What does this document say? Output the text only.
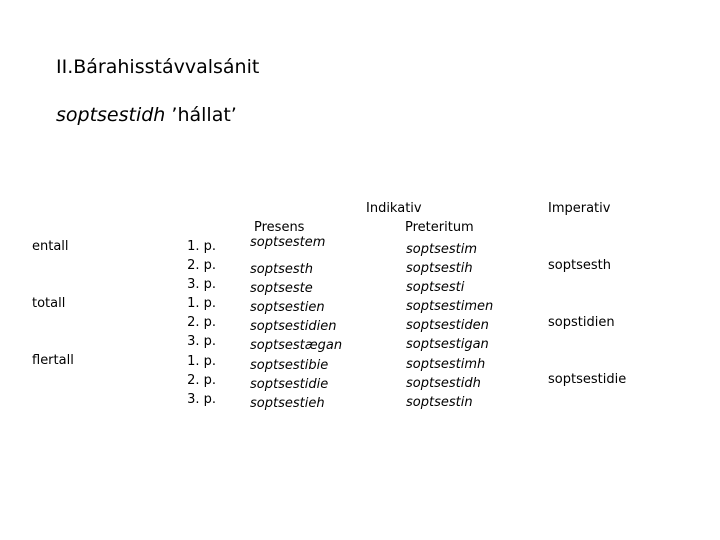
II.Bárahisstávvalsánit
soptsestidh ’hállat’
Indikativ	Imperativ
Presens	Preteritum
entall
totall
flertall
1. p.
2. p.
3. p.
1. p.
2. p.
3. p.
1. p.
2. p.
3. p.
soptsestem
soptsesth
soptseste
soptsestien
soptsestidien
soptsestægan
soptsestibie
soptsestidie
soptsestieh
soptsestim
soptsestih
soptsesti
soptsestimen
soptsestiden
soptsestigan
soptsestimh
soptsestidh
soptsestin
soptsesth
sopstidien
soptsestidie
